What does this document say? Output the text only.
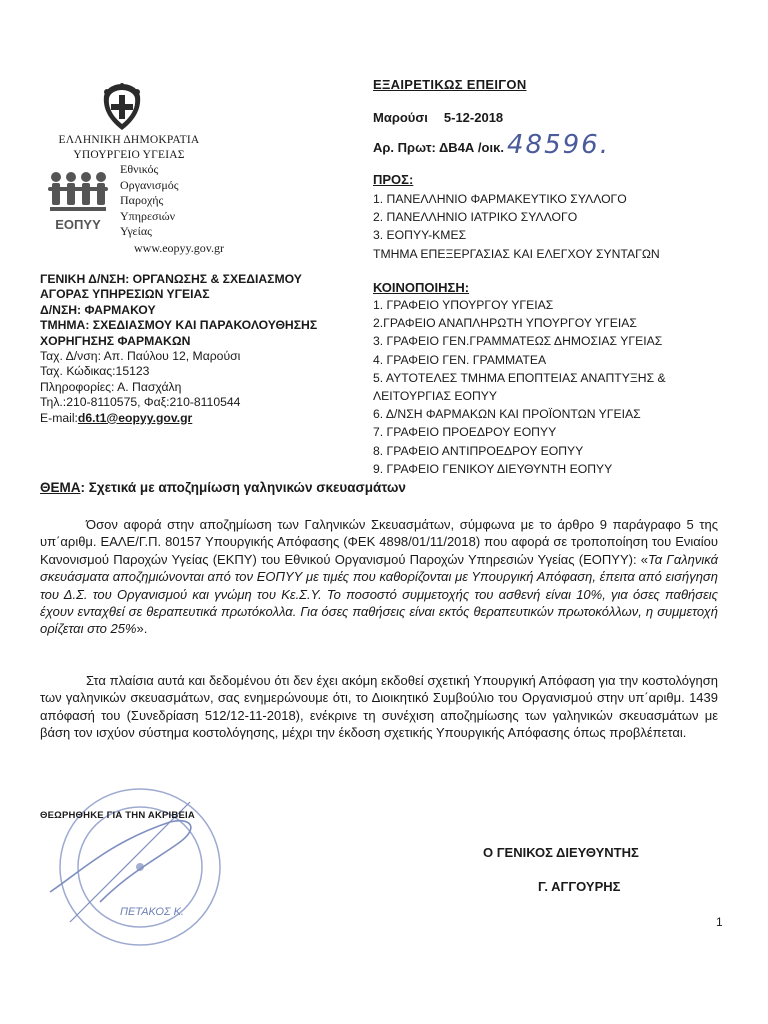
ΕΛΛΗΝΙΚΗ ΔΗΜΟΚΡΑΤΙΑ
ΥΠΟΥΡΓΕΙΟ ΥΓΕΙΑΣ
ΕΟΠΥΥ
Εθνικός
Οργανισμός
Παροχής
Υπηρεσιών
Υγείας
www.eopyy.gov.gr
ΕΞΑΙΡΕΤΙΚΩΣ ΕΠΕΙΓΟΝ
Μαρούσι 5-12-2018
Αρ. Πρωτ: ΔΒ4Α /οικ. 48596.
ΠΡΟΣ:
1. ΠΑΝΕΛΛΗΝΙΟ ΦΑΡΜΑΚΕΥΤΙΚΟ ΣΥΛΛΟΓΟ
2. ΠΑΝΕΛΛΗΝΙΟ ΙΑΤΡΙΚΟ ΣΥΛΛΟΓΟ
3. ΕΟΠΥΥ-ΚΜΕΣ
ΤΜΗΜΑ ΕΠΕΞΕΡΓΑΣΙΑΣ ΚΑΙ ΕΛΕΓΧΟΥ ΣΥΝΤΑΓΩΝ
ΚΟΙΝΟΠΟΙΗΣΗ:
1. ΓΡΑΦΕΙΟ ΥΠΟΥΡΓΟΥ ΥΓΕΙΑΣ
2.ΓΡΑΦΕΙΟ ΑΝΑΠΛΗΡΩΤΗ ΥΠΟΥΡΓΟΥ ΥΓΕΙΑΣ
3. ΓΡΑΦΕΙΟ ΓΕΝ.ΓΡΑΜΜΑΤΕΩΣ ΔΗΜΟΣΙΑΣ ΥΓΕΙΑΣ
4. ΓΡΑΦΕΙΟ ΓΕΝ. ΓΡΑΜΜΑΤΕΑ
5. ΑΥΤΟΤΕΛΕΣ ΤΜΗΜΑ ΕΠΟΠΤΕΙΑΣ ΑΝΑΠΤΥΞΗΣ &
ΛΕΙΤΟΥΡΓΙΑΣ ΕΟΠΥΥ
6. Δ/ΝΣΗ ΦΑΡΜΑΚΩΝ ΚΑΙ ΠΡΟΪΟΝΤΩΝ ΥΓΕΙΑΣ
7. ΓΡΑΦΕΙΟ ΠΡΟΕΔΡΟΥ ΕΟΠΥΥ
8. ΓΡΑΦΕΙΟ ΑΝΤΙΠΡΟΕΔΡΟΥ ΕΟΠΥΥ
9. ΓΡΑΦΕΙΟ ΓΕΝΙΚΟΥ ΔΙΕΥΘΥΝΤΗ ΕΟΠΥΥ
ΓΕΝΙΚΗ Δ/ΝΣΗ: ΟΡΓΑΝΩΣΗΣ & ΣΧΕΔΙΑΣΜΟΥ
ΑΓΟΡΑΣ ΥΠΗΡΕΣΙΩΝ ΥΓΕΙΑΣ
Δ/ΝΣΗ: ΦΑΡΜΑΚΟΥ
ΤΜΗΜΑ: ΣΧΕΔΙΑΣΜΟΥ ΚΑΙ ΠΑΡΑΚΟΛΟΥΘΗΣΗΣ
ΧΟΡΗΓΗΣΗΣ ΦΑΡΜΑΚΩΝ
Ταχ. Δ/νση: Απ. Παύλου 12, Μαρούσι
Ταχ. Κώδικας:15123
Πληροφορίες: Α. Πασχάλη
Τηλ.:210-8110575, Φαξ:210-8110544
E-mail:d6.t1@eopyy.gov.gr
ΘΕΜΑ: Σχετικά με αποζημίωση γαληνικών σκευασμάτων
Όσον αφορά στην αποζημίωση των Γαληνικών Σκευασμάτων, σύμφωνα με το άρθρο 9 παράγραφο 5 της υπ΄αριθμ. ΕΑΛΕ/Γ.Π. 80157 Υπουργικής Απόφασης (ΦΕΚ 4898/01/11/2018) που αφορά σε τροποποίηση του Ενιαίου Κανονισμού Παροχών Υγείας (ΕΚΠΥ) του Εθνικού Οργανισμού Παροχών Υπηρεσιών Υγείας (ΕΟΠΥΥ): «Τα Γαληνικά σκευάσματα αποζημιώνονται από τον ΕΟΠΥΥ με τιμές που καθορίζονται με Υπουργική Απόφαση, έπειτα από εισήγηση του Δ.Σ. του Οργανισμού και γνώμη του Κε.Σ.Υ. Το ποσοστό συμμετοχής του ασθενή είναι 10%, για όσες παθήσεις έχουν ενταχθεί σε θεραπευτικά πρωτόκολλα. Για όσες παθήσεις είναι εκτός θεραπευτικών πρωτοκόλλων, η συμμετοχή ορίζεται στο 25%».
Στα πλαίσια αυτά και δεδομένου ότι δεν έχει ακόμη εκδοθεί σχετική Υπουργική Απόφαση για την κοστολόγηση των γαληνικών σκευασμάτων, σας ενημερώνουμε ότι, το Διοικητικό Συμβούλιο του Οργανισμού στην υπ΄αριθμ. 1439 απόφασή του (Συνεδρίαση 512/12-11-2018), ενέκρινε τη συνέχιση αποζημίωσης των γαληνικών σκευασμάτων με βάση τον ισχύον σύστημα κοστολόγησης, μέχρι την έκδοση σχετικής Υπουργικής Απόφασης όπως προβλέπεται.
ΘΕΩΡΗΘΗΚΕ ΓΙΑ ΤΗΝ ΑΚΡΙΒΕΙΑ
ΠΕΤΑΚΟΣ Κ.
Ο ΓΕΝΙΚΟΣ ΔΙΕΥΘΥΝΤΗΣ
Γ. ΑΓΓΟΥΡΗΣ
1
